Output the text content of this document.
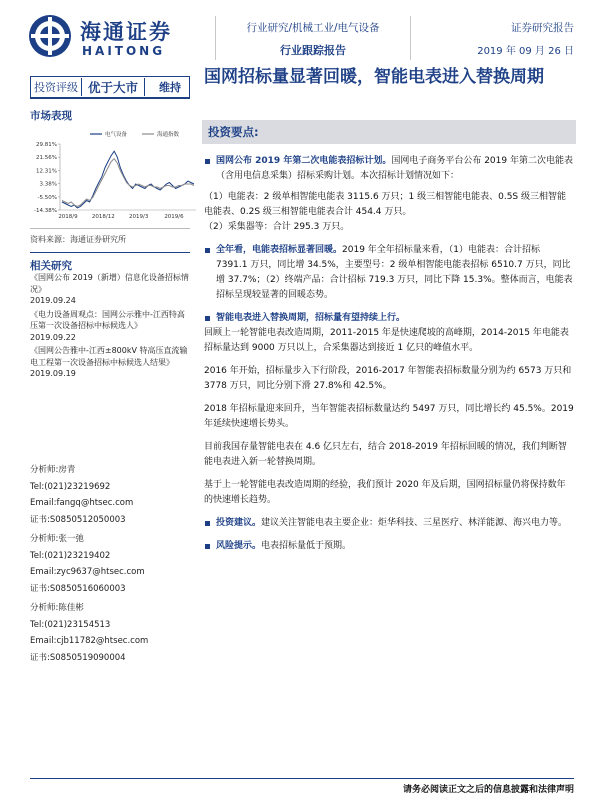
海通证券
HAITONG
行业研究/机械工业/电气设备
行业跟踪报告
证券研究报告
2019 年 09 月 26 日
投资评级 优于大市	维持
国网招标量显著回暖，智能电表进入替换周期
市场表现
29.81%
21.56%
12.31%
3.38%
-5.50%
-14.38%
2018/9	2018/12	2019/3	2019/6
电气设备	海通指数
资料来源：海通证券研究所
相关研究
《国网公布 2019（新增）信息化设备招标情况》
2019.09.24
《电力设备周观点：国网公示雅中-江西特高压第一次设备招标中标候选人》
2019.09.22
《国网公告雅中-江西±800kV 特高压直流输电工程第一次设备招标中标候选人结果》
2019.09.19
分析师:房青
Tel:(021)23219692
Email:fangq@htsec.com
证书:S0850512050003
分析师:张一弛
Tel:(021)23219402
Email:zyc9637@htsec.com
证书:S0850516060003
分析师:陈佳彬
Tel:(021)23154513
Email:cjb11782@htsec.com
证书:S0850519090004
投资要点:

国网公布 2019 年第二次电能表招标计划。国网电子商务平台公布 2019 年第二次电能表（含用电信息采集）招标采购计划。本次招标计划情况如下：

（1）电能表：2 级单相智能电能表 3115.6 万只；1 级三相智能电能表、0.5S 级三相智能电能表、0.2S 级三相智能电能表合计 454.4 万只。

（2）采集器等：合计 295.3 万只。

全年看，电能表招标显著回暖。2019 年全年招标量来看，（1）电能表：合计招标 7391.1 万只，同比增 34.5%，主要型号：2 级单相智能电能表招标 6510.7 万只，同比增 37.7%；（2）终端产品：合计招标 719.3 万只，同比下降 15.3%。整体而言，电能表招标呈现较显著的回暖态势。

智能电表进入替换周期，招标量有望持续上行。

回顾上一轮智能电表改造周期，2011-2015 年是快速爬坡的高峰期，2014-2015 年电能表招标量达到 9000 万只以上，合采集器达到接近 1 亿只的峰值水平。

2016 年开始，招标量步入下行阶段，2016-2017 年智能表招标数量分别为约 6573 万只和 3778 万只，同比分别下滑 27.8%和 42.5%。

2018 年招标量迎来回升，当年智能表招标数量达约 5497 万只，同比增长约 45.5%。2019 年延续快速增长势头。

目前我国存量智能电表在 4.6 亿只左右，结合 2018-2019 年招标回暖的情况，我们判断智能电表进入新一轮替换周期。

基于上一轮智能电表改造周期的经验，我们预计 2020 年及后期，国网招标量仍将保持数年的快速增长趋势。

投资建议。建议关注智能电表主要企业：炬华科技、三星医疗、林洋能源、海兴电力等。

风险提示。电表招标量低于预期。

请务必阅读正文之后的信息披露和法律声明
